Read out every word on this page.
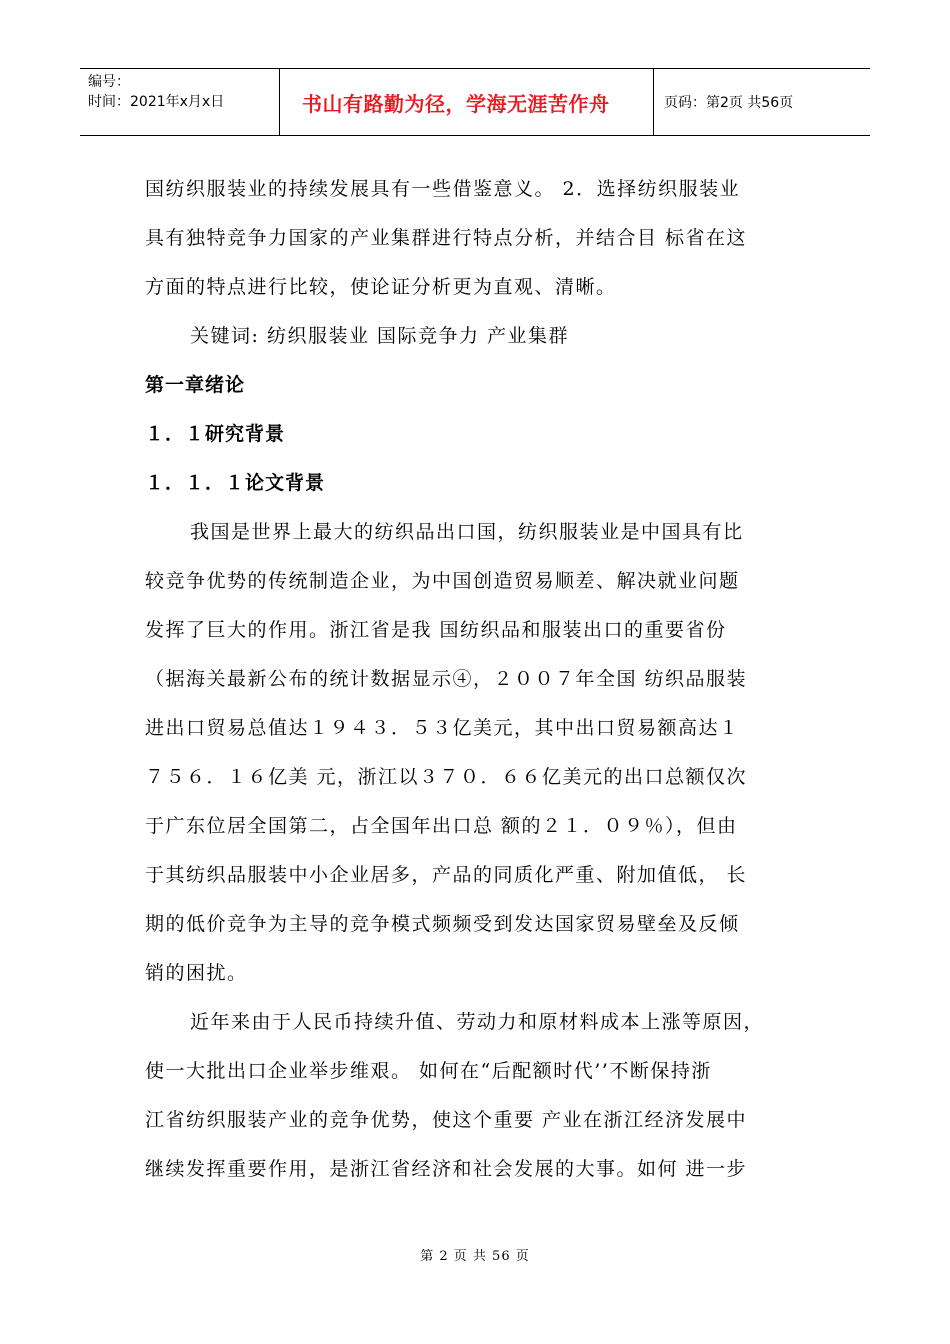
编号：
时间：2021年x月x日	书山有路勤为径，学海无涯苦作舟	页码：第2页 共56页
国纺织服装业的持续发展具有一些借鉴意义。 2．选择纺织服装业
具有独特竞争力国家的产业集群进行特点分析，并结合目 标省在这
方面的特点进行比较，使论证分析更为直观、清晰。
关键词: 纺织服装业 国际竞争力 产业集群
第一章绪论
１．１研究背景
１．１．１论文背景
我国是世界上最大的纺织品出口国，纺织服装业是中国具有比
较竞争优势的传统制造企业，为中国创造贸易顺差、解决就业问题
发挥了巨大的作用。浙江省是我 国纺织品和服装出口的重要省份
（据海关最新公布的统计数据显示④，２００７年全国 纺织品服装
进出口贸易总值达１９４３．５３亿美元，其中出口贸易额高达１
７５６．１６亿美 元，浙江以３７０．６６亿美元的出口总额仅次
于广东位居全国第二，占全国年出口总 额的２１．０９％），但由
于其纺织品服装中小企业居多，产品的同质化严重、附加值低， 长
期的低价竞争为主导的竞争模式频频受到发达国家贸易壁垒及反倾
销的困扰。
近年来由于人民币持续升值、劳动力和原材料成本上涨等原因，
使一大批出口企业举步维艰。 如何在“后配额时代’’不断保持浙
江省纺织服装产业的竞争优势，使这个重要 产业在浙江经济发展中
继续发挥重要作用，是浙江省经济和社会发展的大事。如何 进一步
第 2 页 共 56 页
